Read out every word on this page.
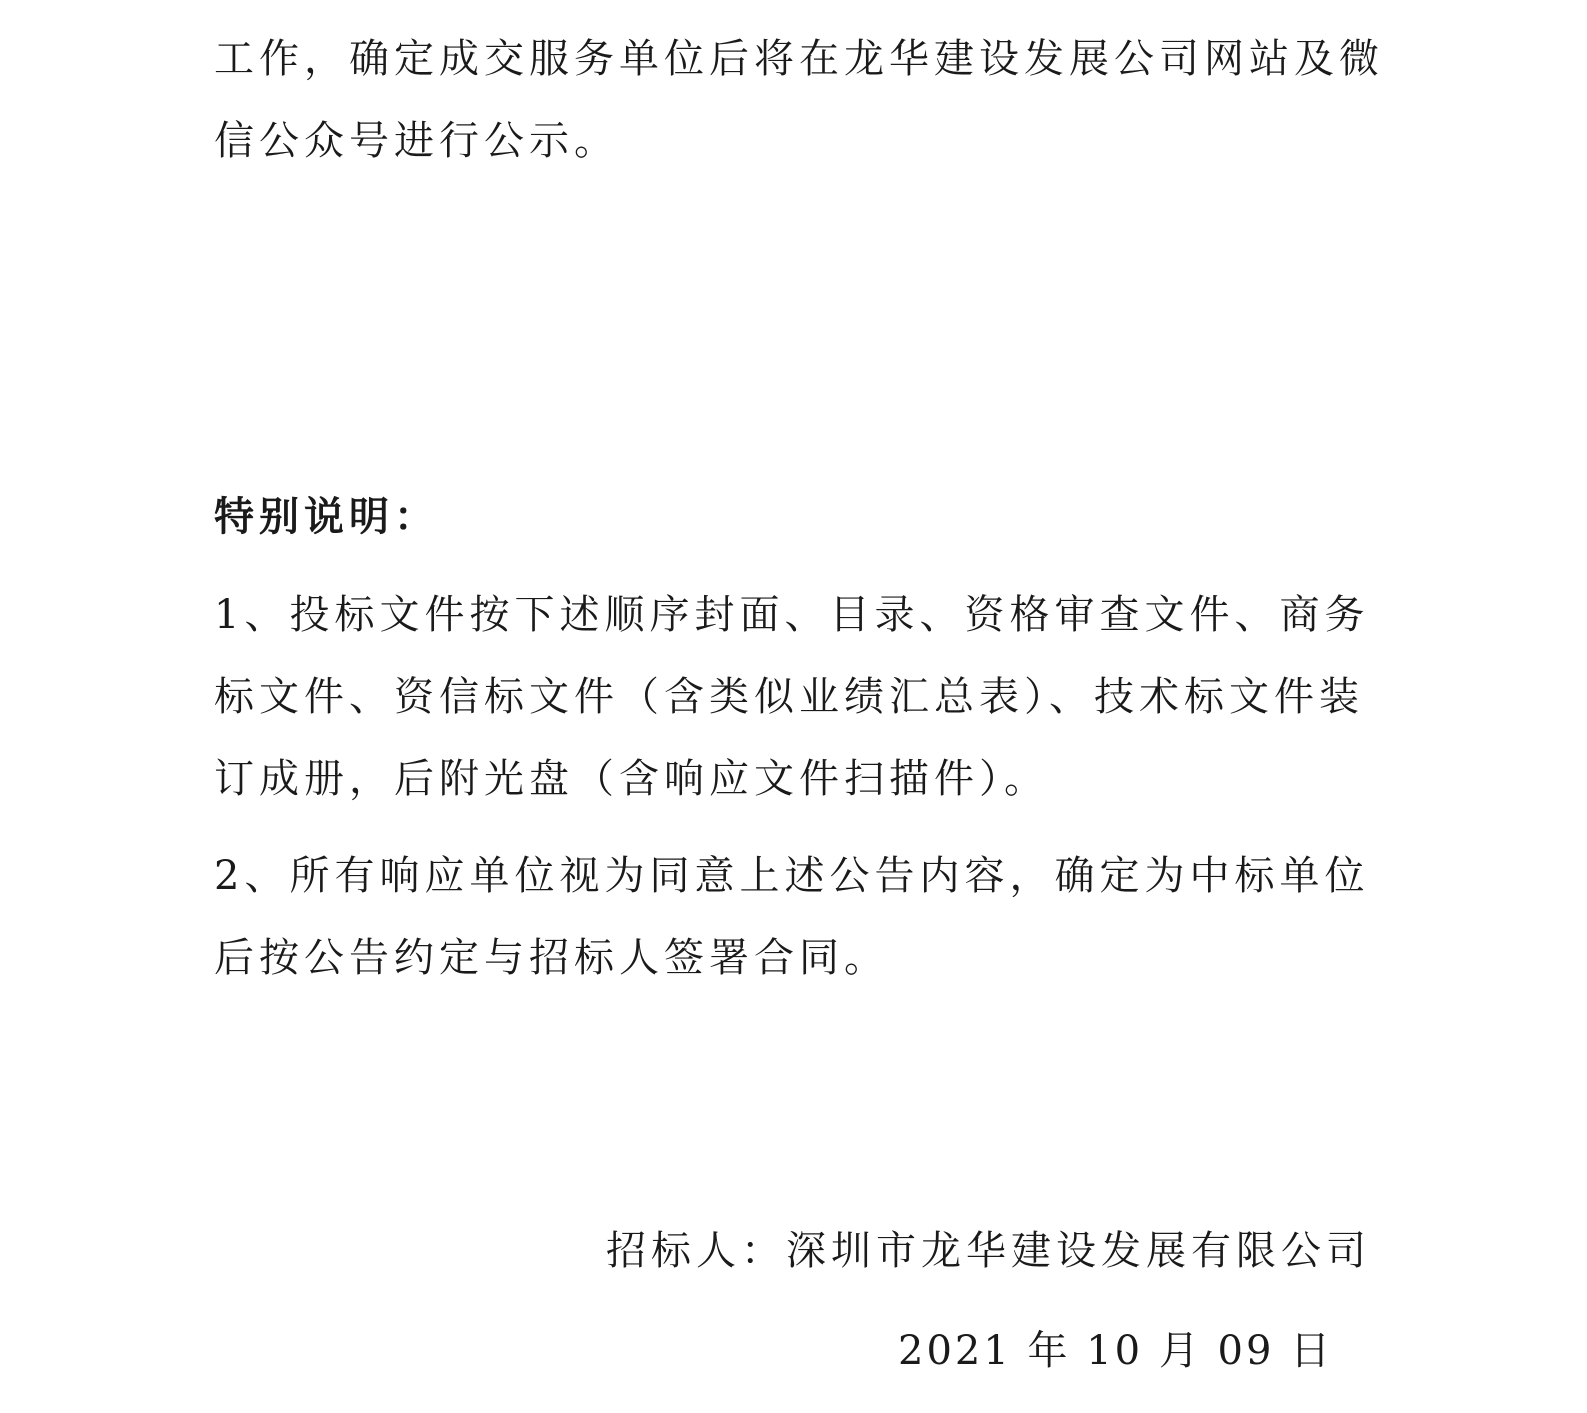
工作，确定成交服务单位后将在龙华建设发展公司网站及微信公众号进行公示。

特别说明：

1、投标文件按下述顺序封面、目录、资格审查文件、商务标文件、资信标文件（含类似业绩汇总表）、技术标文件装订成册，后附光盘（含响应文件扫描件）。

2、所有响应单位视为同意上述公告内容，确定为中标单位后按公告约定与招标人签署合同。

招标人：深圳市龙华建设发展有限公司
2021 年 10 月 09 日
